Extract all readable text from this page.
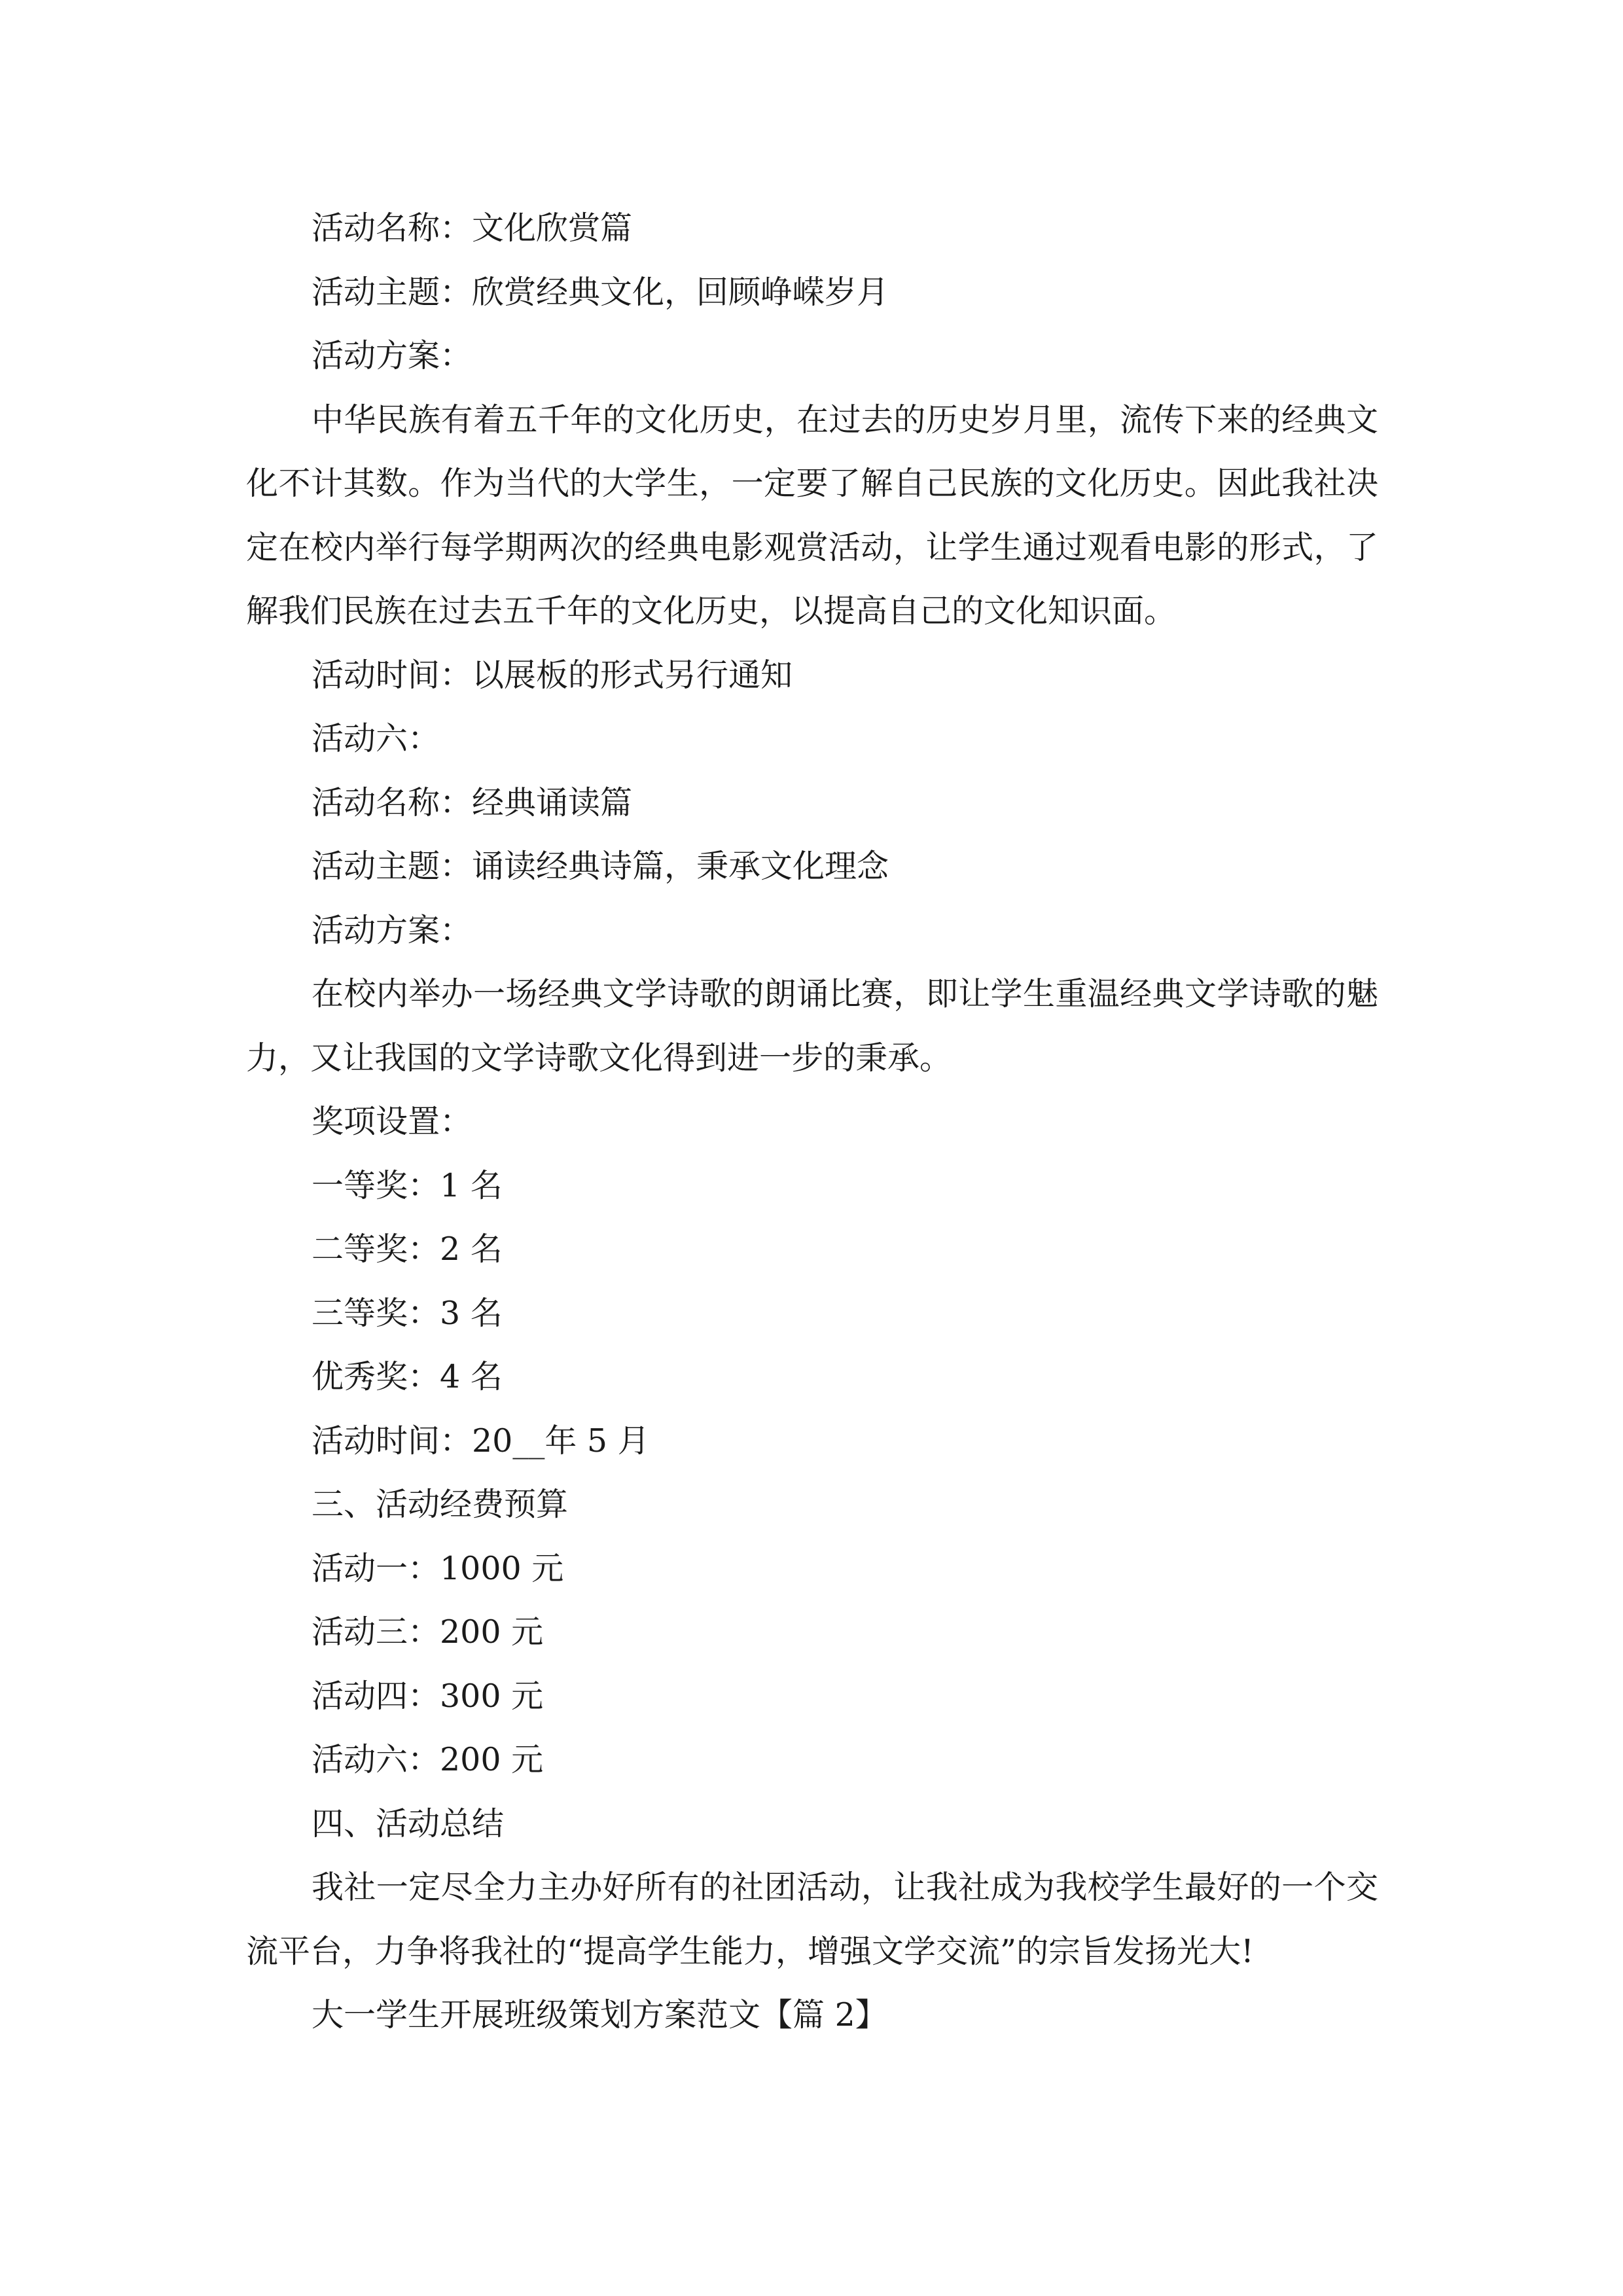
活动名称：文化欣赏篇
活动主题：欣赏经典文化，回顾峥嵘岁月
活动方案：

中华民族有着五千年的文化历史，在过去的历史岁月里，流传下来的经典文化不计其数。作为当代的大学生，一定要了解自己民族的文化历史。因此我社决定在校内举行每学期两次的经典电影观赏活动，让学生通过观看电影的形式，了解我们民族在过去五千年的文化历史，以提高自己的文化知识面。

活动时间：以展板的形式另行通知
活动六：
活动名称：经典诵读篇
活动主题：诵读经典诗篇，秉承文化理念
活动方案：

在校内举办一场经典文学诗歌的朗诵比赛，即让学生重温经典文学诗歌的魅力，又让我国的文学诗歌文化得到进一步的秉承。

奖项设置：
一等奖：1 名
二等奖：2 名
三等奖：3 名
优秀奖：4 名
活动时间：20__年 5 月
三、活动经费预算
活动一：1000 元
活动三：200 元
活动四：300 元
活动六：200 元
四、活动总结

我社一定尽全力主办好所有的社团活动，让我社成为我校学生最好的一个交流平台，力争将我社的“提高学生能力，增强文学交流”的宗旨发扬光大!

大一学生开展班级策划方案范文【篇 2】
